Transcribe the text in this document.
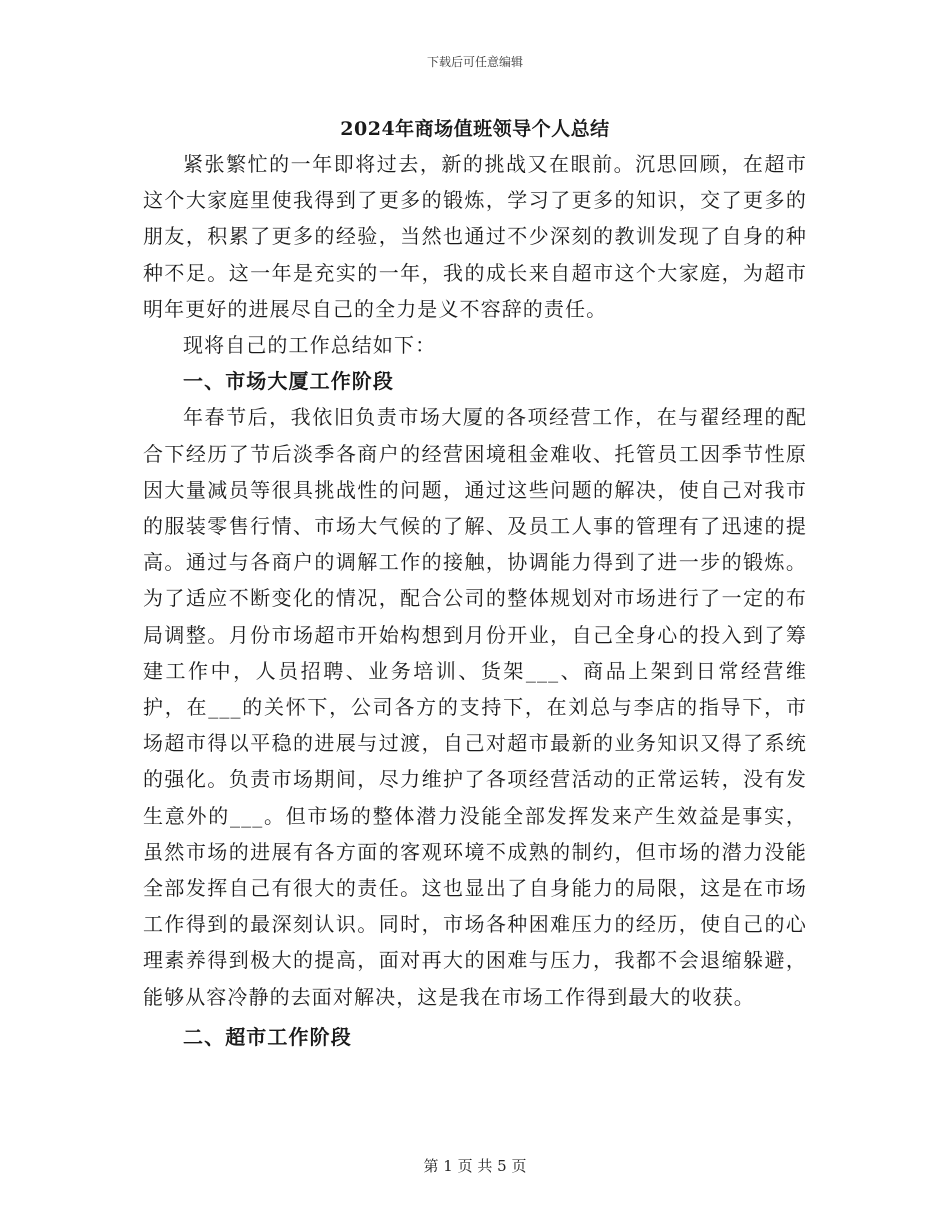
下载后可任意编辑
2024年商场值班领导个人总结

紧张繁忙的一年即将过去，新的挑战又在眼前。沉思回顾，在超市这个大家庭里使我得到了更多的锻炼，学习了更多的知识，交了更多的朋友，积累了更多的经验，当然也通过不少深刻的教训发现了自身的种种不足。这一年是充实的一年，我的成长来自超市这个大家庭，为超市明年更好的进展尽自己的全力是义不容辞的责任。

现将自己的工作总结如下：

一、市场大厦工作阶段

年春节后，我依旧负责市场大厦的各项经营工作，在与翟经理的配合下经历了节后淡季各商户的经营困境租金难收、托管员工因季节性原因大量减员等很具挑战性的问题，通过这些问题的解决，使自己对我市的服装零售行情、市场大气候的了解、及员工人事的管理有了迅速的提高。通过与各商户的调解工作的接触，协调能力得到了进一步的锻炼。为了适应不断变化的情况，配合公司的整体规划对市场进行了一定的布局调整。月份市场超市开始构想到月份开业，自己全身心的投入到了筹建工作中，人员招聘、业务培训、货架___、商品上架到日常经营维护，在___的关怀下，公司各方的支持下，在刘总与李店的指导下，市场超市得以平稳的进展与过渡，自己对超市最新的业务知识又得了系统的强化。负责市场期间，尽力维护了各项经营活动的正常运转，没有发生意外的___。但市场的整体潜力没能全部发挥发来产生效益是事实，虽然市场的进展有各方面的客观环境不成熟的制约，但市场的潜力没能全部发挥自己有很大的责任。这也显出了自身能力的局限，这是在市场工作得到的最深刻认识。同时，市场各种困难压力的经历，使自己的心理素养得到极大的提高，面对再大的困难与压力，我都不会退缩躲避，能够从容冷静的去面对解决，这是我在市场工作得到最大的收获。

二、超市工作阶段
第 1 页 共 5 页
